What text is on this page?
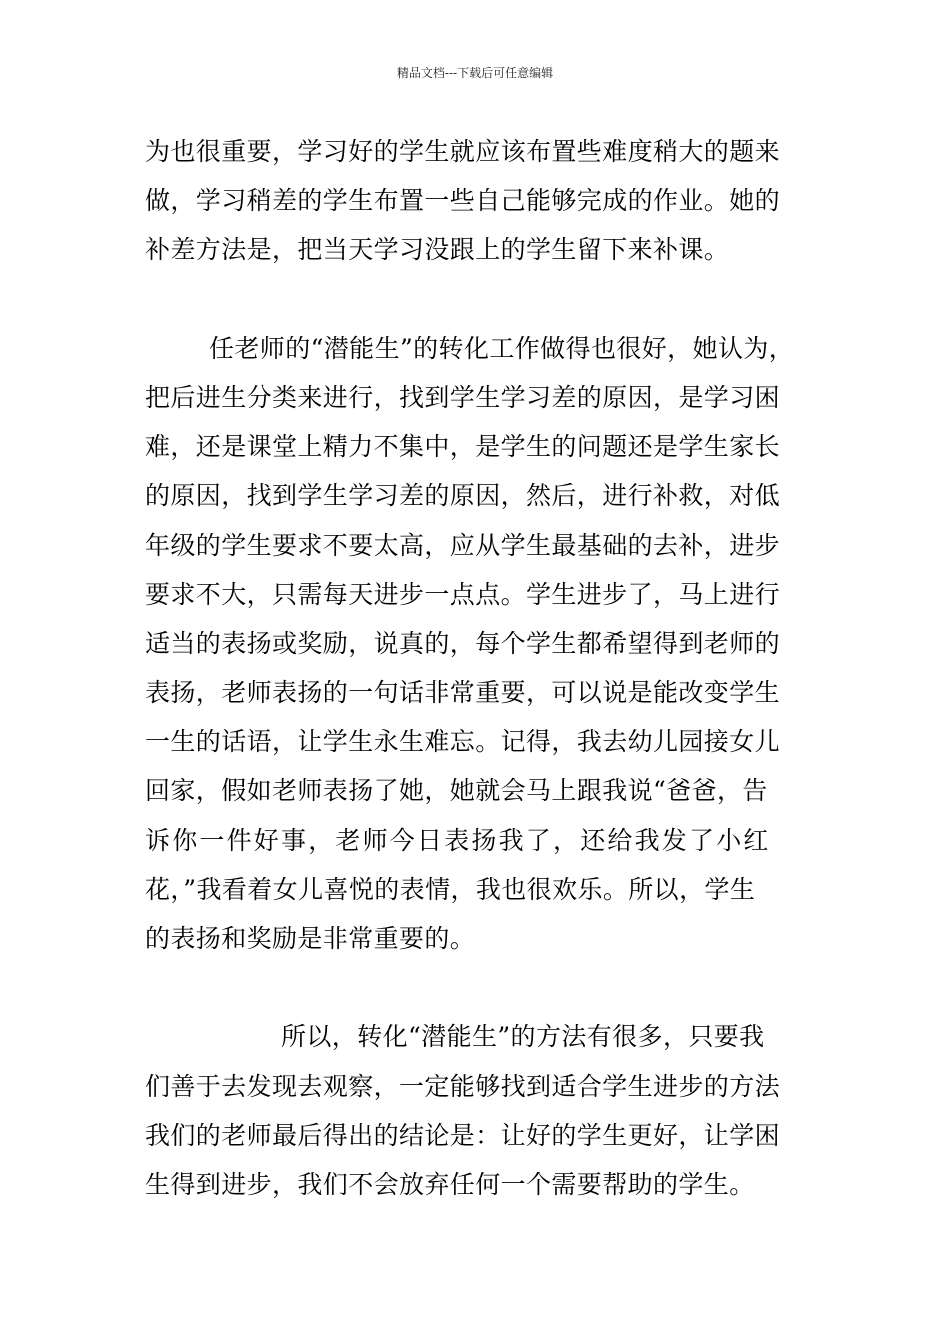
精品文档---下载后可任意编辑
为也很重要，学习好的学生就应该布置些难度稍大的题来
做，学习稍差的学生布置一些自己能够完成的作业。她的
补差方法是，把当天学习没跟上的学生留下来补课。
任老师的“潜能生”的转化工作做得也很好，她认为，
把后进生分类来进行，找到学生学习差的原因，是学习困
难，还是课堂上精力不集中，是学生的问题还是学生家长
的原因，找到学生学习差的原因，然后，进行补救，对低
年级的学生要求不要太高，应从学生最基础的去补，进步
要求不大，只需每天进步一点点。学生进步了，马上进行
适当的表扬或奖励，说真的，每个学生都希望得到老师的
表扬，老师表扬的一句话非常重要，可以说是能改变学生
一生的话语，让学生永生难忘。记得，我去幼儿园接女儿
回家，假如老师表扬了她，她就会马上跟我说“爸爸，告
诉你一件好事，老师今日表扬我了，还给我发了小红
花，”我看着女儿喜悦的表情，我也很欢乐。所以，学生
的表扬和奖励是非常重要的。
所以，转化“潜能生”的方法有很多，只要我
们善于去发现去观察，一定能够找到适合学生进步的方法
我们的老师最后得出的结论是：让好的学生更好，让学困
生得到进步，我们不会放弃任何一个需要帮助的学生。
